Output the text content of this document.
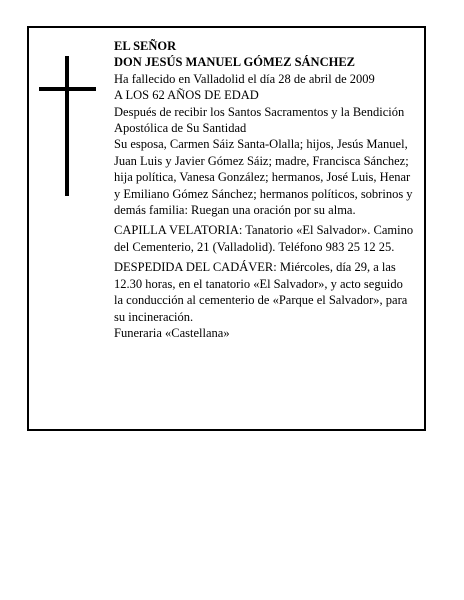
EL SEÑOR

DON JESÚS MANUEL GÓMEZ SÁNCHEZ

Ha fallecido en Valladolid el día 28 de abril de 2009

A LOS 62 AÑOS DE EDAD

Después de recibir los Santos Sacramentos y la Bendición Apostólica de Su Santidad

Su esposa, Carmen Sáiz Santa-Olalla; hijos, Jesús Manuel, Juan Luis y Javier Gómez Sáiz; madre, Francisca Sánchez; hija política, Vanesa González; hermanos, José Luis, Henar y Emiliano Gómez Sánchez; hermanos políticos, sobrinos y demás familia: Ruegan una oración por su alma.

CAPILLA VELATORIA: Tanatorio «El Salvador». Camino del Cementerio, 21 (Valladolid). Teléfono 983 25 12 25.

DESPEDIDA DEL CADÁVER: Miércoles, día 29, a las 12.30 horas, en el tanatorio «El Salvador», y acto seguido la conducción al cementerio de «Parque el Salvador», para su incineración.

Funeraria «Castellana»
